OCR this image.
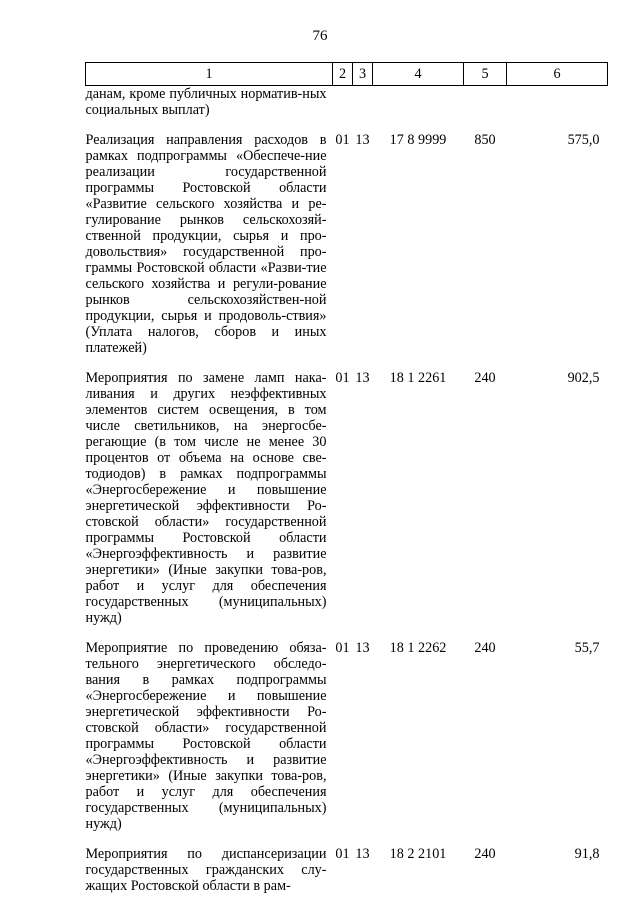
76
1	2	3	4	5	6
данам, кроме публичных норматив-ных социальных выплат)					

Реализация направления расходов в рамках подпрограммы «Обеспече-ние реализации государственной программы Ростовской области «Развитие сельского хозяйства и ре-гулирование рынков сельскохозяй-ственной продукции, сырья и про-довольствия» государственной про-граммы Ростовской области «Разви-тие сельского хозяйства и регули-рование рынков сельскохозяйствен-ной продукции, сырья и продоволь-ствия» (Уплата налогов, сборов и иных платежей)	01	13	17 8 9999	850	575,0

Мероприятия по замене ламп нака-ливания и других неэффективных элементов систем освещения, в том числе светильников, на энергосбе-регающие (в том числе не менее 30 процентов от объема на основе све-тодиодов) в рамках подпрограммы «Энергосбережение и повышение энергетической эффективности Ро-стовской области» государственной программы Ростовской области «Энергоэффективность и развитие энергетики» (Иные закупки това-ров, работ и услуг для обеспечения государственных (муниципальных) нужд)	01	13	18 1 2261	240	902,5

Мероприятие по проведению обяза-тельного энергетического обследо-вания в рамках подпрограммы «Энергосбережение и повышение энергетической эффективности Ро-стовской области» государственной программы Ростовской области «Энергоэффективность и развитие энергетики» (Иные закупки това-ров, работ и услуг для обеспечения государственных (муниципальных) нужд)	01	13	18 1 2262	240	55,7

Мероприятия по диспансеризации государственных гражданских слу-жащих Ростовской области в рам-	01	13	18 2 2101	240	91,8
